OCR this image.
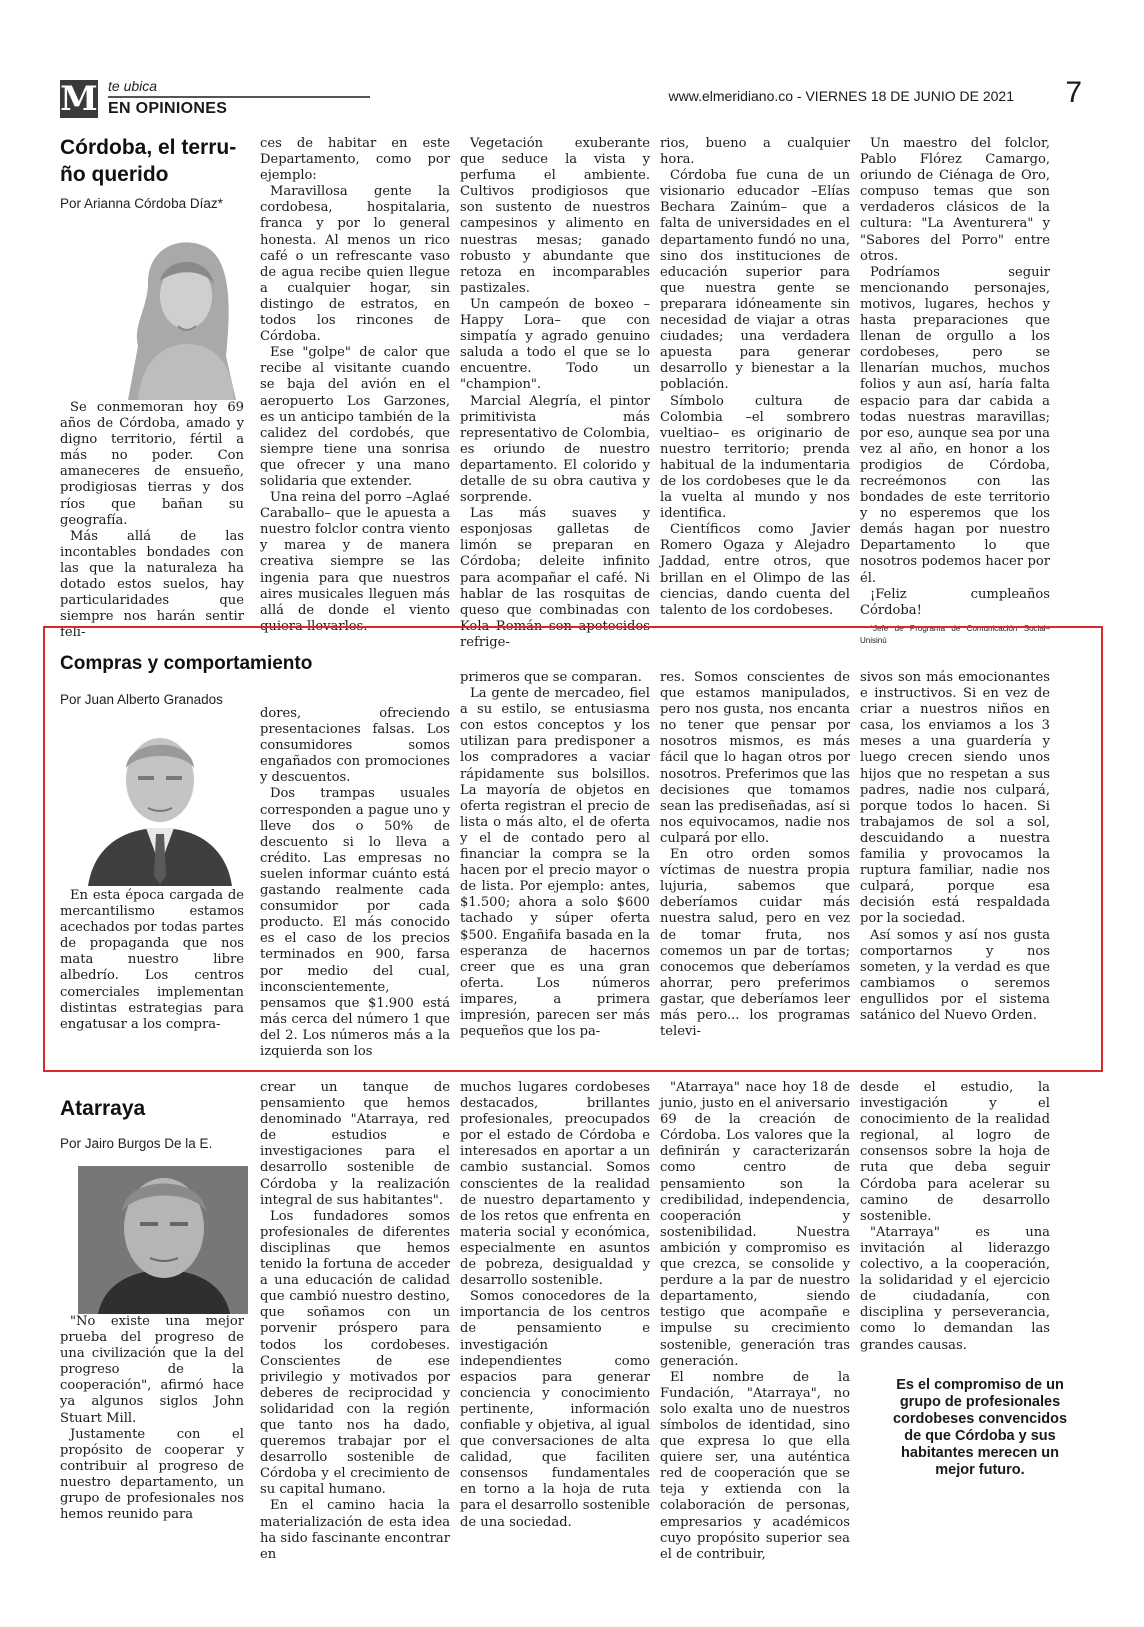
M te ubica
EN OPINIONES
www.elmeridiano.co - VIERNES 18 DE JUNIO DE 2021 7
Córdoba, el terru-
ño querido
Por Arianna Córdoba Díaz*

Se conmemoran hoy 69 años de Córdoba, amado y digno territorio, fértil a más no poder. Con amaneceres de ensueño, prodigiosas tierras y dos ríos que bañan su geografía.

Más allá de las incontables bondades con las que la naturaleza ha dotado estos suelos, hay particularidades que siempre nos harán sentir feli-

ces de habitar en este Departamento, como por ejemplo:

Maravillosa gente la cordobesa, hospitalaria, franca y por lo general honesta. Al menos un rico café o un refrescante vaso de agua recibe quien llegue a cualquier hogar, sin distingo de estratos, en todos los rincones de Córdoba.

Ese "golpe" de calor que recibe al visitante cuando se baja del avión en el aeropuerto Los Garzones, es un anticipo también de la calidez del cordobés, que siempre tiene una sonrisa que ofrecer y una mano solidaria que extender.

Una reina del porro –Aglaé Caraballo– que le apuesta a nuestro folclor contra viento y marea y de manera creativa siempre se las ingenia para que nuestros aires musicales lleguen más allá de donde el viento quiera llevarlos.

Vegetación exuberante que seduce la vista y perfuma el ambiente. Cultivos prodigiosos que son sustento de nuestros campesinos y alimento en nuestras mesas; ganado robusto y abundante que retoza en incomparables pastizales.

Un campeón de boxeo –Happy Lora– que con simpatía y agrado genuino saluda a todo el que se lo encuentre. Todo un "champion".

Marcial Alegría, el pintor primitivista más representativo de Colombia, es oriundo de nuestro departamento. El colorido y detalle de su obra cautiva y sorprende.

Las más suaves y esponjosas galletas de limón se preparan en Córdoba; deleite infinito para acompañar el café. Ni hablar de las rosquitas de queso que combinadas con Kola Román son apetecidos refrige-

rios, bueno a cualquier hora.

Córdoba fue cuna de un visionario educador –Elías Bechara Zainúm– que a falta de universidades en el departamento fundó no una, sino dos instituciones de educación superior para que nuestra gente se preparara idóneamente sin necesidad de viajar a otras ciudades; una verdadera apuesta para generar desarrollo y bienestar a la población.

Símbolo cultura de Colombia –el sombrero vueltiao– es originario de nuestro territorio; prenda habitual de la indumentaria de los cordobeses que le da la vuelta al mundo y nos identifica.

Científicos como Javier Romero Ogaza y Alejadro Jaddad, entre otros, que brillan en el Olimpo de las ciencias, dando cuenta del talento de los cordobeses.

Un maestro del folclor, Pablo Flórez Camargo, oriundo de Ciénaga de Oro, compuso temas que son verdaderos clásicos de la cultura: "La Aventurera" y "Sabores del Porro" entre otros.

Podríamos seguir mencionando personajes, motivos, lugares, hechos y hasta preparaciones que llenan de orgullo a los cordobeses, pero se llenarían muchos, muchos folios y aun así, haría falta espacio para dar cabida a todas nuestras maravillas; por eso, aunque sea por una vez al año, en honor a los prodigios de Córdoba, recreémonos con las bondades de este territorio y no esperemos que los demás hagan por nuestro Departamento lo que nosotros podemos hacer por él.

¡Feliz cumpleaños Córdoba!

*Jefe de Programa de Comunicación Social–Unisinú

Compras y comportamiento
Por Juan Alberto Granados

En esta época cargada de mercantilismo estamos acechados por todas partes de propaganda que nos mata nuestro libre albedrío. Los centros comerciales implementan distintas estrategias para engatusar a los compra-

dores, ofreciendo presentaciones falsas. Los consumidores somos engañados con promociones y descuentos.

Dos trampas usuales corresponden a pague uno y lleve dos o 50% de descuento si lo lleva a crédito. Las empresas no suelen informar cuánto está gastando realmente cada consumidor por cada producto. El más conocido es el caso de los precios terminados en 900, farsa por medio del cual, inconscientemente, pensamos que $1.900 está más cerca del número 1 que del 2. Los números más a la izquierda son los

primeros que se comparan.

La gente de mercadeo, fiel a su estilo, se entusiasma con estos conceptos y los utilizan para predisponer a los compradores a vaciar rápidamente sus bolsillos. La mayoría de objetos en oferta registran el precio de lista o más alto, el de oferta y el de contado pero al financiar la compra se la hacen por el precio mayor o de lista. Por ejemplo: antes, $1.500; ahora a solo $600 tachado y súper oferta $500. Engañifa basada en la esperanza de hacernos creer que es una gran oferta. Los números impares, a primera impresión, parecen ser más pequeños que los pa-

res. Somos conscientes de que estamos manipulados, pero nos gusta, nos encanta no tener que pensar por nosotros mismos, es más fácil que lo hagan otros por nosotros. Preferimos que las decisiones que tomamos sean las prediseñadas, así si nos equivocamos, nadie nos culpará por ello.

En otro orden somos víctimas de nuestra propia lujuria, sabemos que deberíamos cuidar más nuestra salud, pero en vez de tomar fruta, nos comemos un par de tortas; conocemos que deberíamos ahorrar, pero preferimos gastar, que deberíamos leer más pero... los programas televi-

sivos son más emocionantes e instructivos. Si en vez de criar a nuestros niños en casa, los enviamos a los 3 meses a una guardería y luego crecen siendo unos hijos que no respetan a sus padres, nadie nos culpará, porque todos lo hacen. Si trabajamos de sol a sol, descuidando a nuestra familia y provocamos la ruptura familiar, nadie nos culpará, porque esa decisión está respaldada por la sociedad.

Así somos y así nos gusta comportarnos y nos someten, y la verdad es que cambiamos o seremos engullidos por el sistema satánico del Nuevo Orden.

Atarraya
Por Jairo Burgos De la E.

"No existe una mejor prueba del progreso de una civilización que la del progreso de la cooperación", afirmó hace ya algunos siglos John Stuart Mill.

Justamente con el propósito de cooperar y contribuir al progreso de nuestro departamento, un grupo de profesionales nos hemos reunido para

crear un tanque de pensamiento que hemos denominado "Atarraya, red de estudios e investigaciones para el desarrollo sostenible de Córdoba y la realización integral de sus habitantes".

Los fundadores somos profesionales de diferentes disciplinas que hemos tenido la fortuna de acceder a una educación de calidad que cambió nuestro destino, que soñamos con un porvenir próspero para todos los cordobeses. Conscientes de ese privilegio y motivados por deberes de reciprocidad y solidaridad con la región que tanto nos ha dado, queremos trabajar por el desarrollo sostenible de Córdoba y el crecimiento de su capital humano.

En el camino hacia la materialización de esta idea ha sido fascinante encontrar en

muchos lugares cordobeses destacados, brillantes profesionales, preocupados por el estado de Córdoba e interesados en aportar a un cambio sustancial. Somos conscientes de la realidad de nuestro departamento y de los retos que enfrenta en materia social y económica, especialmente en asuntos de pobreza, desigualdad y desarrollo sostenible.

Somos conocedores de la importancia de los centros de pensamiento e investigación independientes como espacios para generar conciencia y conocimiento pertinente, información confiable y objetiva, al igual que conversaciones de alta calidad, que faciliten consensos fundamentales en torno a la hoja de ruta para el desarrollo sostenible de una sociedad.

"Atarraya" nace hoy 18 de junio, justo en el aniversario 69 de la creación de Córdoba. Los valores que la definirán y caracterizarán como centro de pensamiento son la credibilidad, independencia, cooperación y sostenibilidad. Nuestra ambición y compromiso es que crezca, se consolide y perdure a la par de nuestro departamento, siendo testigo que acompañe e impulse su crecimiento sostenible, generación tras generación.

El nombre de la Fundación, "Atarraya", no solo exalta uno de nuestros símbolos de identidad, sino que expresa lo que ella quiere ser, una auténtica red de cooperación que se teja y extienda con la colaboración de personas, empresarios y académicos cuyo propósito superior sea el de contribuir,

desde el estudio, la investigación y el conocimiento de la realidad regional, al logro de consensos sobre la hoja de ruta que deba seguir Córdoba para acelerar su camino de desarrollo sostenible.

"Atarraya" es una invitación al liderazgo colectivo, a la cooperación, la solidaridad y el ejercicio de ciudadanía, con disciplina y perseverancia, como lo demandan las grandes causas.

Es el compromiso de un grupo de profesionales cordobeses convencidos de que Córdoba y sus habitantes merecen un mejor futuro.
